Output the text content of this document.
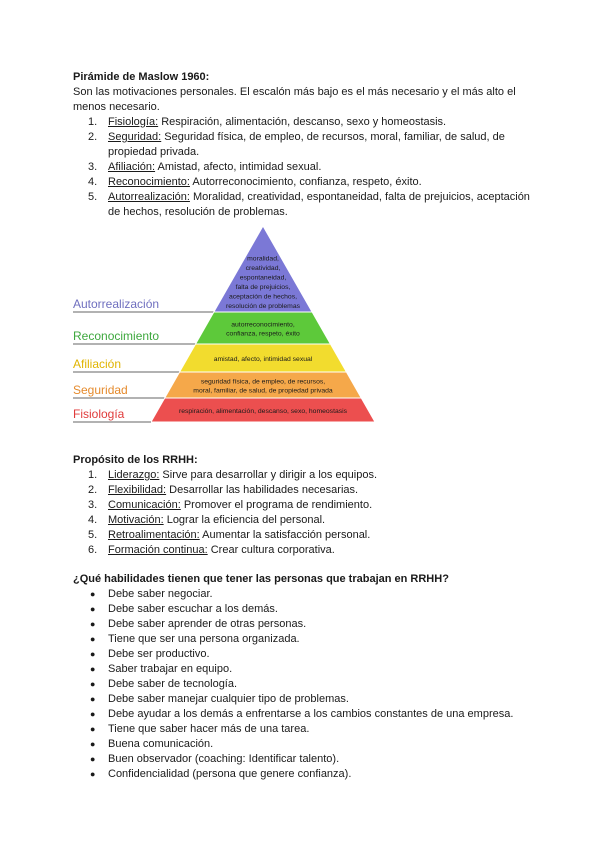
Pirámide de Maslow 1960:

Son las motivaciones personales. El escalón más bajo es el más necesario y el más alto el menos necesario.

1. Fisiología: Respiración, alimentación, descanso, sexo y homeostasis.
2. Seguridad: Seguridad física, de empleo, de recursos, moral, familiar, de salud, de propiedad privada.
3. Afiliación: Amistad, afecto, intimidad sexual.
4. Reconocimiento: Autorreconocimiento, confianza, respeto, éxito.
5. Autorrealización: Moralidad, creatividad, espontaneidad, falta de prejuicios, aceptación de hechos, resolución de problemas.
Autorrealización
moralidad,
creatividad,
espontaneidad,
falta de prejuicios,
aceptación de hechos,
resolución de problemas
Reconocimiento
autorreconocimiento,
confianza, respeto, éxito
Afiliación	amistad, afecto, intimidad sexual
Seguridad
seguridad física, de empleo, de recursos,
moral, familiar, de salud, de propiedad privada
Fisiología	respiración, alimentación, descanso, sexo, homeostasis

Propósito de los RRHH:

1. Liderazgo: Sirve para desarrollar y dirigir a los equipos.
2. Flexibilidad: Desarrollar las habilidades necesarias.
3. Comunicación: Promover el programa de rendimiento.
4. Motivación: Lograr la eficiencia del personal.
5. Retroalimentación: Aumentar la satisfacción personal.
6. Formación continua: Crear cultura corporativa.

¿Qué habilidades tienen que tener las personas que trabajan en RRHH?

● Debe saber negociar.
● Debe saber escuchar a los demás.
● Debe saber aprender de otras personas.
● Tiene que ser una persona organizada.
● Debe ser productivo.
● Saber trabajar en equipo.
● Debe saber de tecnología.
● Debe saber manejar cualquier tipo de problemas.
● Debe ayudar a los demás a enfrentarse a los cambios constantes de una empresa.
● Tiene que saber hacer más de una tarea.
● Buena comunicación.
● Buen observador (coaching: Identificar talento).
● Confidencialidad (persona que genere confianza).
